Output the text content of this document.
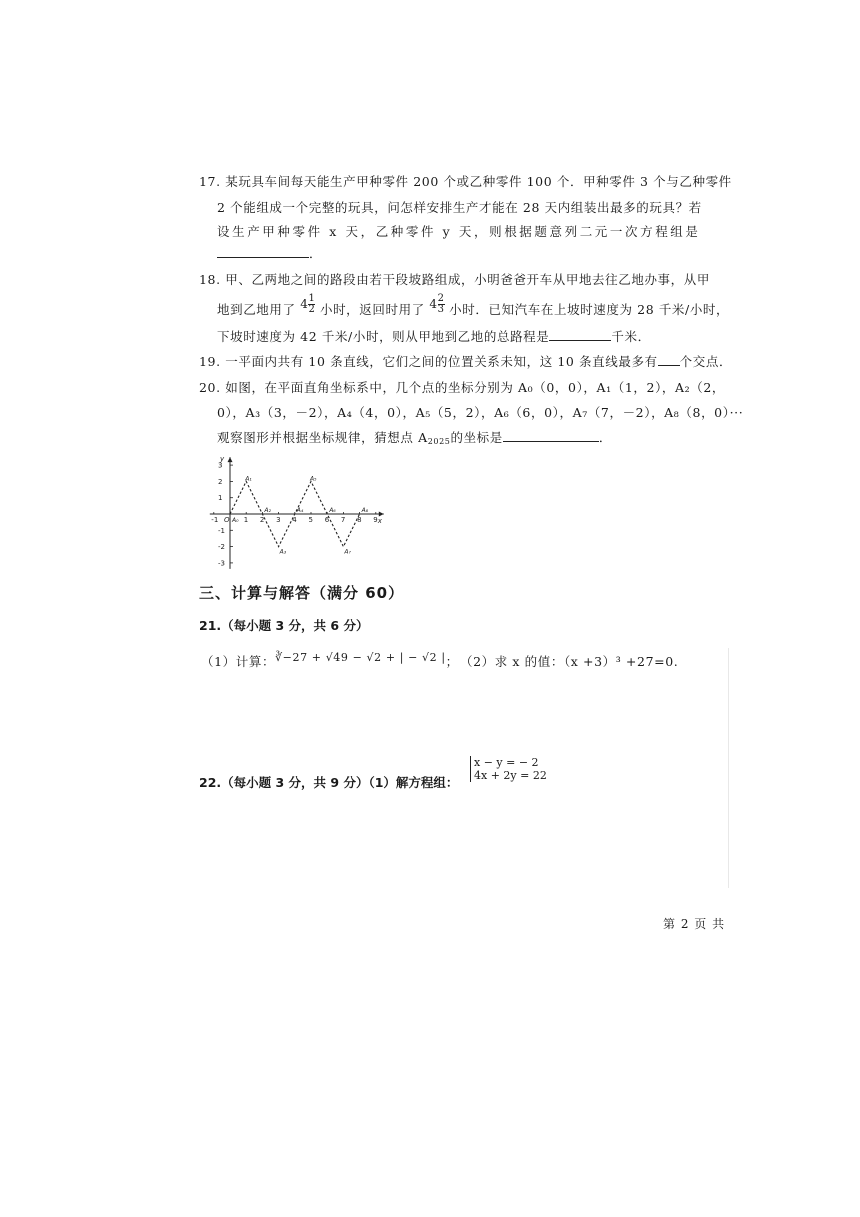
17. 某玩具车间每天能生产甲种零件 200 个或乙种零件 100 个．甲种零件 3 个与乙种零件
2 个能组成一个完整的玩具，问怎样安排生产才能在 28 天内组装出最多的玩具？若
设生产甲种零件 x 天，乙种零件 y 天，则根据题意列二元一次方程组是
．
18. 甲、乙两地之间的路段由若干段坡路组成，小明爸爸开车从甲地去往乙地办事，从甲
地到乙地用了 $4 \frac{1}{2}$ 小时，返回时用了 $4 \frac{2}{3}$ 小时．已知汽车在上坡时速度为 28 千米/小时，
下坡时速度为 42 千米/小时，则从甲地到乙地的总路程是	千米．
19. 一平面内共有 10 条直线，它们之间的位置关系未知，这 10 条直线最多有 个交点．
20. 如图，在平面直角坐标系中，几个点的坐标分别为 A₀（0，0），A₁（1，2），A₂（2，
0），A₃（3，－2），A₄（4，0），A₅（5，2），A₆（6，0），A₇（7，－2），A₈（8，0）···
观察图形并根据坐标规律，猜想点 $A_{2025}$的坐标是	．
x
y
-1 O 1 2 3 4 5 6 7 8 9
3
2
1
-1
-2
-3
A₀
A₁
A₂
A₃
A₄
A₅
A₆
A₇
A₈
三、计算与解答（满分 60）
21.（每小题 3 分，共 6 分）
（1）计算：∛−27 + √49 − √2 + | − √2 |； （2）求 x 的值：（x +3）³ +27=0.
22.（每小题 3 分，共 9 分）（1）解方程组：
x − y = − 2
4x + 2y = 22
第 2 页 共
